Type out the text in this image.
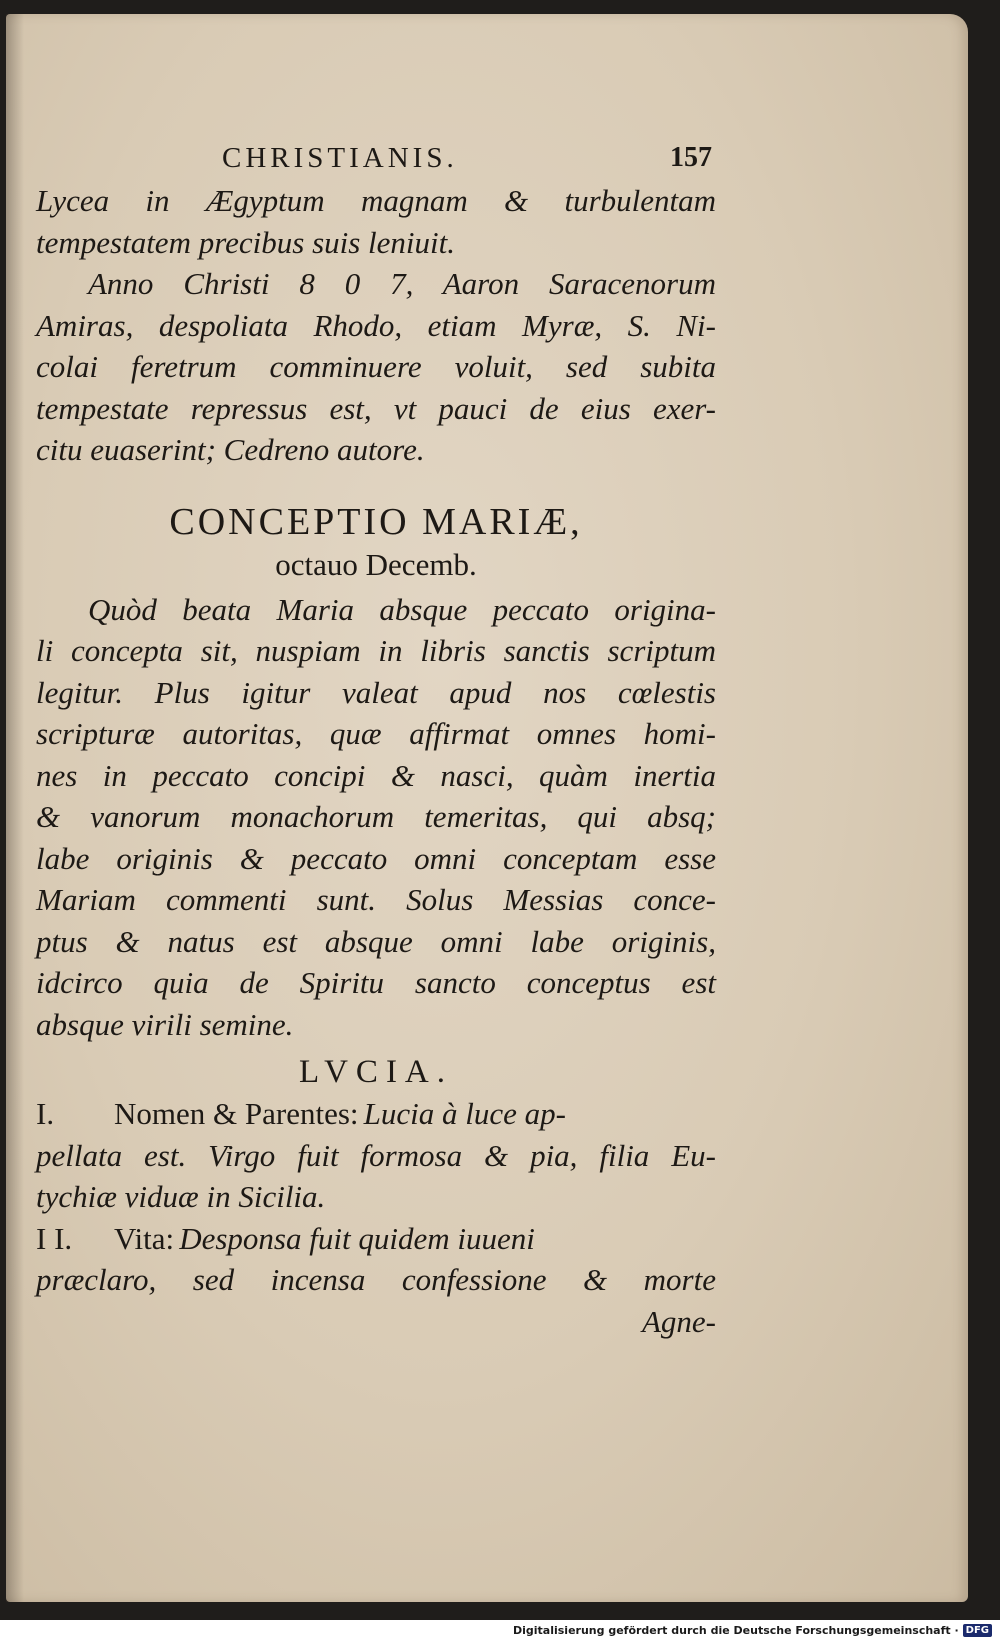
CHRISTIANIS.	157
Lycea in Ægyptum magnam & turbulentam
tempestatem precibus suis leniuit.
Anno Christi 8 0 7, Aaron Saracenorum
Amiras, despoliata Rhodo, etiam Myræ, S. Ni-
colai feretrum comminuere voluit, sed subita
tempestate repressus est, vt pauci de eius exer-
citu euaserint; Cedreno autore.
CONCEPTIO MARIÆ,
octauo Decemb.
Quòd beata Maria absque peccato origina-
li concepta sit, nuspiam in libris sanctis scriptum
legitur. Plus igitur valeat apud nos cœlestis
scripturæ autoritas, quæ affirmat omnes homi-
nes in peccato concipi & nasci, quàm inertia
& vanorum monachorum temeritas, qui absq;
labe originis & peccato omni conceptam esse
Mariam commenti sunt. Solus Messias conce-
ptus & natus est absque omni labe originis,
idcirco quia de Spiritu sancto conceptus est
absque virili semine.
LVCIA.
I.	Nomen & Parentes:
Lucia à luce ap-
pellata est. Virgo fuit formosa & pia, filia Eu-
tychiæ viduæ in Sicilia.
I I.	Vita:
Desponsa fuit quidem iuueni
præclaro, sed incensa confessione & morte
Agne-
Digitalisierung gefördert durch die Deutsche Forschungsgemeinschaft · DFG
